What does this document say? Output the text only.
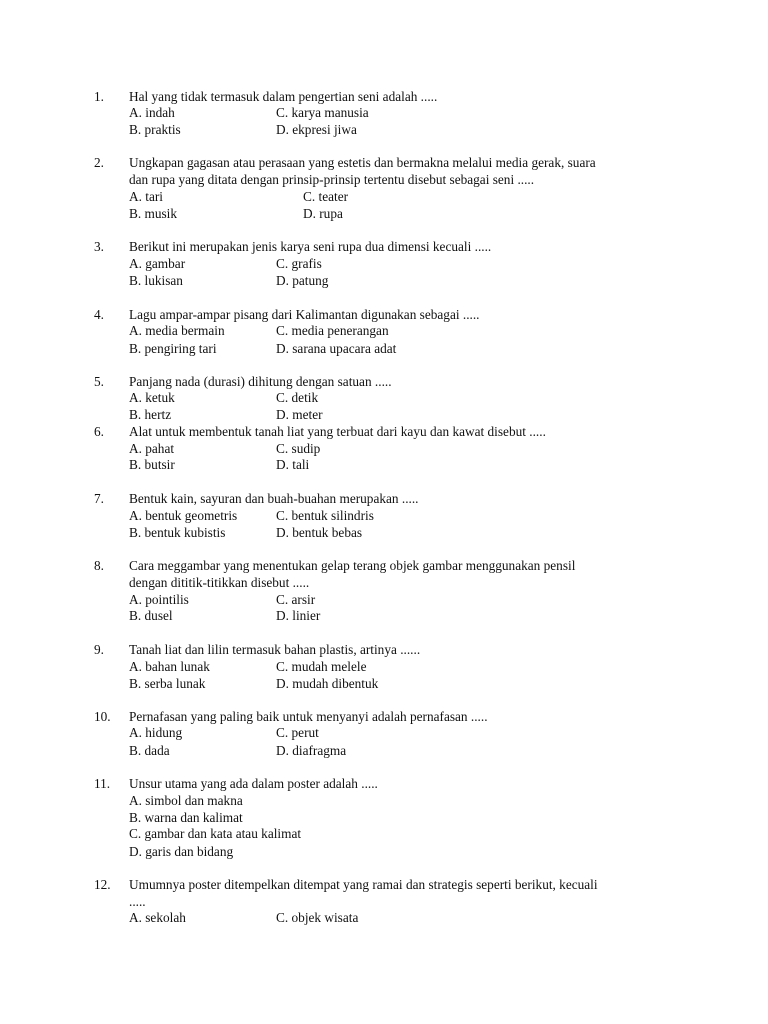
1. Hal yang tidak termasuk dalam pengertian seni adalah .....
A. indah	C. karya manusia
B. praktis	D. ekpresi jiwa
2. Ungkapan gagasan atau perasaan yang estetis dan bermakna melalui media gerak, suara
dan rupa yang ditata dengan prinsip-prinsip tertentu disebut sebagai seni .....
A. tari	C. teater
B. musik	D. rupa
3. Berikut ini merupakan jenis karya seni rupa dua dimensi kecuali .....
A. gambar	C. grafis
B. lukisan	D. patung
4. Lagu ampar-ampar pisang dari Kalimantan digunakan sebagai .....
A. media bermain	C. media penerangan
B. pengiring tari	D. sarana upacara adat
5. Panjang nada (durasi) dihitung dengan satuan .....
A. ketuk	C. detik
B. hertz	D. meter
6. Alat untuk membentuk tanah liat yang terbuat dari kayu dan kawat disebut .....
A. pahat	C. sudip
B. butsir	D. tali
7. Bentuk kain, sayuran dan buah-buahan merupakan .....
A. bentuk geometris	C. bentuk silindris
B. bentuk kubistis	D. bentuk bebas
8. Cara meggambar yang menentukan gelap terang objek gambar menggunakan pensil
dengan dititik-titikkan disebut .....
A. pointilis	C. arsir
B. dusel	D. linier
9. Tanah liat dan lilin termasuk bahan plastis, artinya ......
A. bahan lunak	C. mudah melele
B. serba lunak	D. mudah dibentuk
10. Pernafasan yang paling baik untuk menyanyi adalah pernafasan .....
A. hidung	C. perut
B. dada	D. diafragma
11. Unsur utama yang ada dalam poster adalah .....
A. simbol dan makna
B. warna dan kalimat
C. gambar dan kata atau kalimat
D. garis dan bidang
12. Umumnya poster ditempelkan ditempat yang ramai dan strategis seperti berikut, kecuali
.....
A. sekolah	C. objek wisata
